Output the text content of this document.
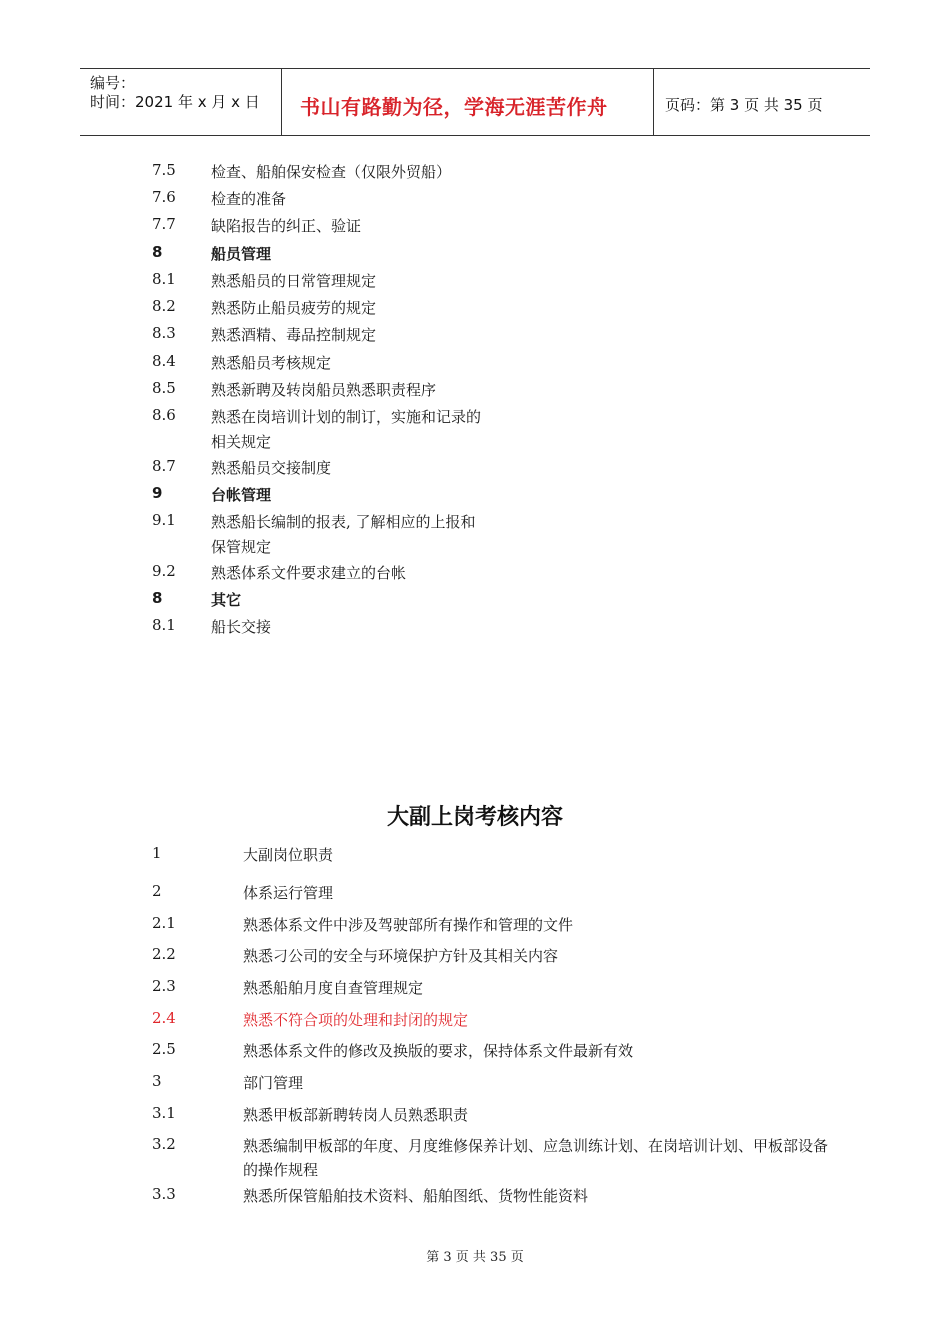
编号：
时间：2021 年 x 月 x 日 书山有路勤为径，学海无涯苦作舟	页码：第 3 页 共 35 页
7.5 检查、船舶保安检查（仅限外贸船）
7.6 检查的准备
7.7 缺陷报告的纠正、验证
8	船员管理
8.1 熟悉船员的日常管理规定
8.2 熟悉防止船员疲劳的规定
8.3 熟悉酒精、毒品控制规定
8.4 熟悉船员考核规定
8.5 熟悉新聘及转岗船员熟悉职责程序
8.6 熟悉在岗培训计划的制订，实施和记录的
相关规定
8.7 熟悉船员交接制度
9	台帐管理
9.1 熟悉船长编制的报表, 了解相应的上报和
保管规定
9.2 熟悉体系文件要求建立的台帐
8	其它
8.1 船长交接
大副上岗考核内容
1	大副岗位职责
2	体系运行管理
2.1	熟悉体系文件中涉及驾驶部所有操作和管理的文件
2.2	熟悉刁公司的安全与环境保护方针及其相关内容
2.3	熟悉船舶月度自查管理规定
2.4	熟悉不符合项的处理和封闭的规定
2.5	熟悉体系文件的修改及换版的要求，保持体系文件最新有效
3	部门管理
3.1	熟悉甲板部新聘转岗人员熟悉职责
3.2	熟悉编制甲板部的年度、月度维修保养计划、应急训练计划、在岗培训计划、甲板部设备
的操作规程
3.3	熟悉所保管船舶技术资料、船舶图纸、货物性能资料
第 3 页 共 35 页
